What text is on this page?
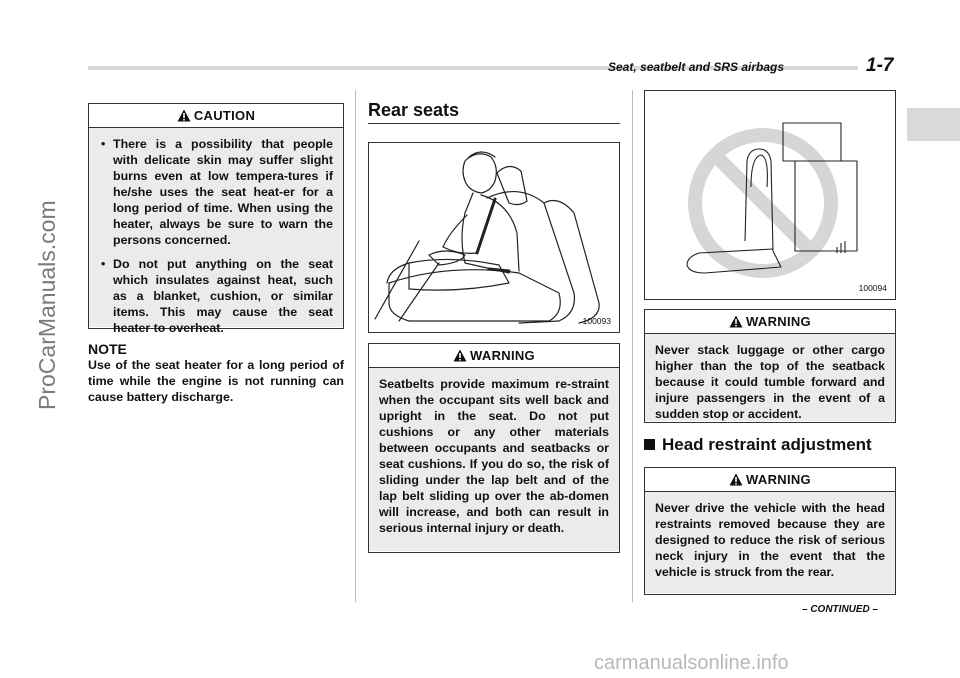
Seat, seatbelt and SRS airbags	1-7
CAUTION
• There is a possibility that people with delicate skin may suffer slight burns even at low tempera-tures if he/she uses the seat heat-er for a long period of time. When using the heater, always be sure to warn the persons concerned.
• Do not put anything on the seat which insulates against heat, such as a blanket, cushion, or similar items. This may cause the seat heater to overheat.
NOTE
Use of the seat heater for a long period of time while the engine is not running can cause battery discharge.
Rear seats
100093
WARNING
Seatbelts provide maximum re-straint when the occupant sits well back and upright in the seat. Do not put cushions or any other materials between occupants and seatbacks or seat cushions. If you do so, the risk of sliding under the lap belt and of the lap belt sliding up over the ab-domen will increase, and both can result in serious internal injury or death.
100094
WARNING
Never stack luggage or other cargo higher than the top of the seatback because it could tumble forward and injure passengers in the event of a sudden stop or accident.
Head restraint adjustment
WARNING
Never drive the vehicle with the head restraints removed because they are designed to reduce the risk of serious neck injury in the event that the vehicle is struck from the rear.
– CONTINUED –
ProCarManuals.com
carmanualsonline.info
